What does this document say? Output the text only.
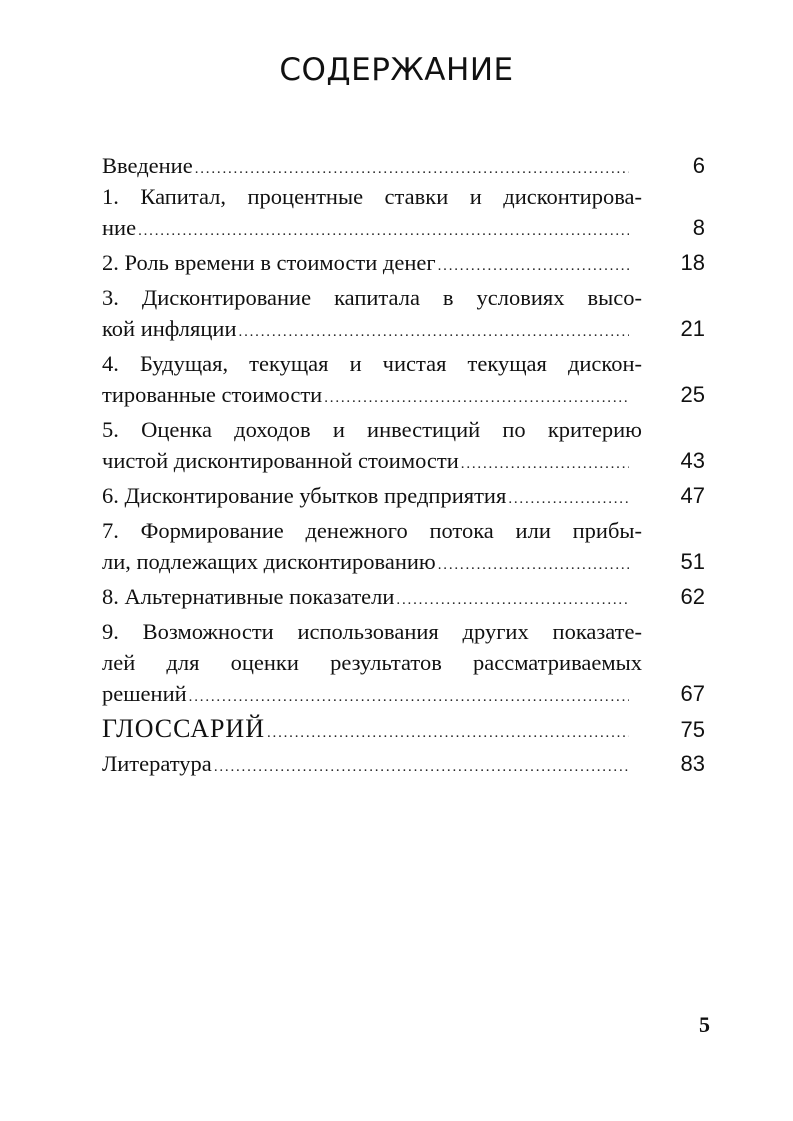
СОДЕРЖАНИЕ
Введение .....	6
1. Капитал, процентные ставки и дисконтирова-
ние .....	8
2. Роль времени в стоимости денег .....	18
3. Дисконтирование капитала в условиях высо-
кой инфляции .....	21
4. Будущая, текущая и чистая текущая дискон-
тированные стоимости .....	25
5. Оценка доходов и инвестиций по критерию
чистой дисконтированной стоимости .....	43
6. Дисконтирование убытков предприятия .....	47
7. Формирование денежного потока или прибы-
ли, подлежащих дисконтированию .....	51
8. Альтернативные показатели .....	62
9. Возможности использования других показате-
лей для оценки результатов рассматриваемых
решений .....	67
ГЛОССАРИЙ .....	75
Литература .....	83
5
